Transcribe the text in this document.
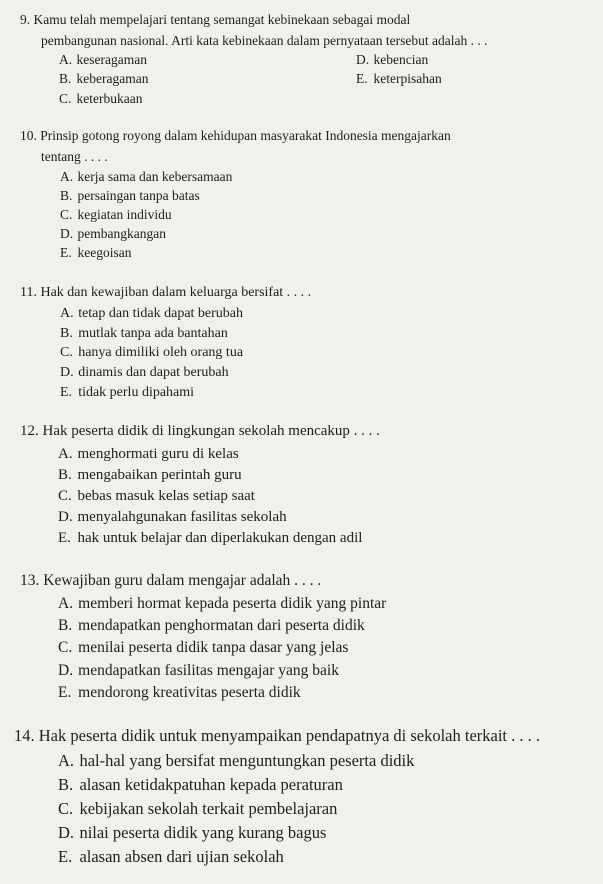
9. Kamu telah mempelajari tentang semangat kebinekaan sebagai modal
pembangunan nasional. Arti kata kebinekaan dalam pernyataan tersebut adalah . . .
A. keseragaman
B. keberagaman
C. keterbukaan
D. kebencian
E. keterpisahan
10. Prinsip gotong royong dalam kehidupan masyarakat Indonesia mengajarkan
tentang . . . .
A. kerja sama dan kebersamaan
B. persaingan tanpa batas
C. kegiatan individu
D. pembangkangan
E. keegoisan
11. Hak dan kewajiban dalam keluarga bersifat . . . .
A. tetap dan tidak dapat berubah
B. mutlak tanpa ada bantahan
C. hanya dimiliki oleh orang tua
D. dinamis dan dapat berubah
E. tidak perlu dipahami
12. Hak peserta didik di lingkungan sekolah mencakup . . . .
A. menghormati guru di kelas
B. mengabaikan perintah guru
C. bebas masuk kelas setiap saat
D. menyalahgunakan fasilitas sekolah
E. hak untuk belajar dan diperlakukan dengan adil
13. Kewajiban guru dalam mengajar adalah . . . .
A. memberi hormat kepada peserta didik yang pintar
B. mendapatkan penghormatan dari peserta didik
C. menilai peserta didik tanpa dasar yang jelas
D. mendapatkan fasilitas mengajar yang baik
E. mendorong kreativitas peserta didik
14. Hak peserta didik untuk menyampaikan pendapatnya di sekolah terkait . . . .
A. hal-hal yang bersifat menguntungkan peserta didik
B. alasan ketidakpatuhan kepada peraturan
C. kebijakan sekolah terkait pembelajaran
D. nilai peserta didik yang kurang bagus
E. alasan absen dari ujian sekolah
